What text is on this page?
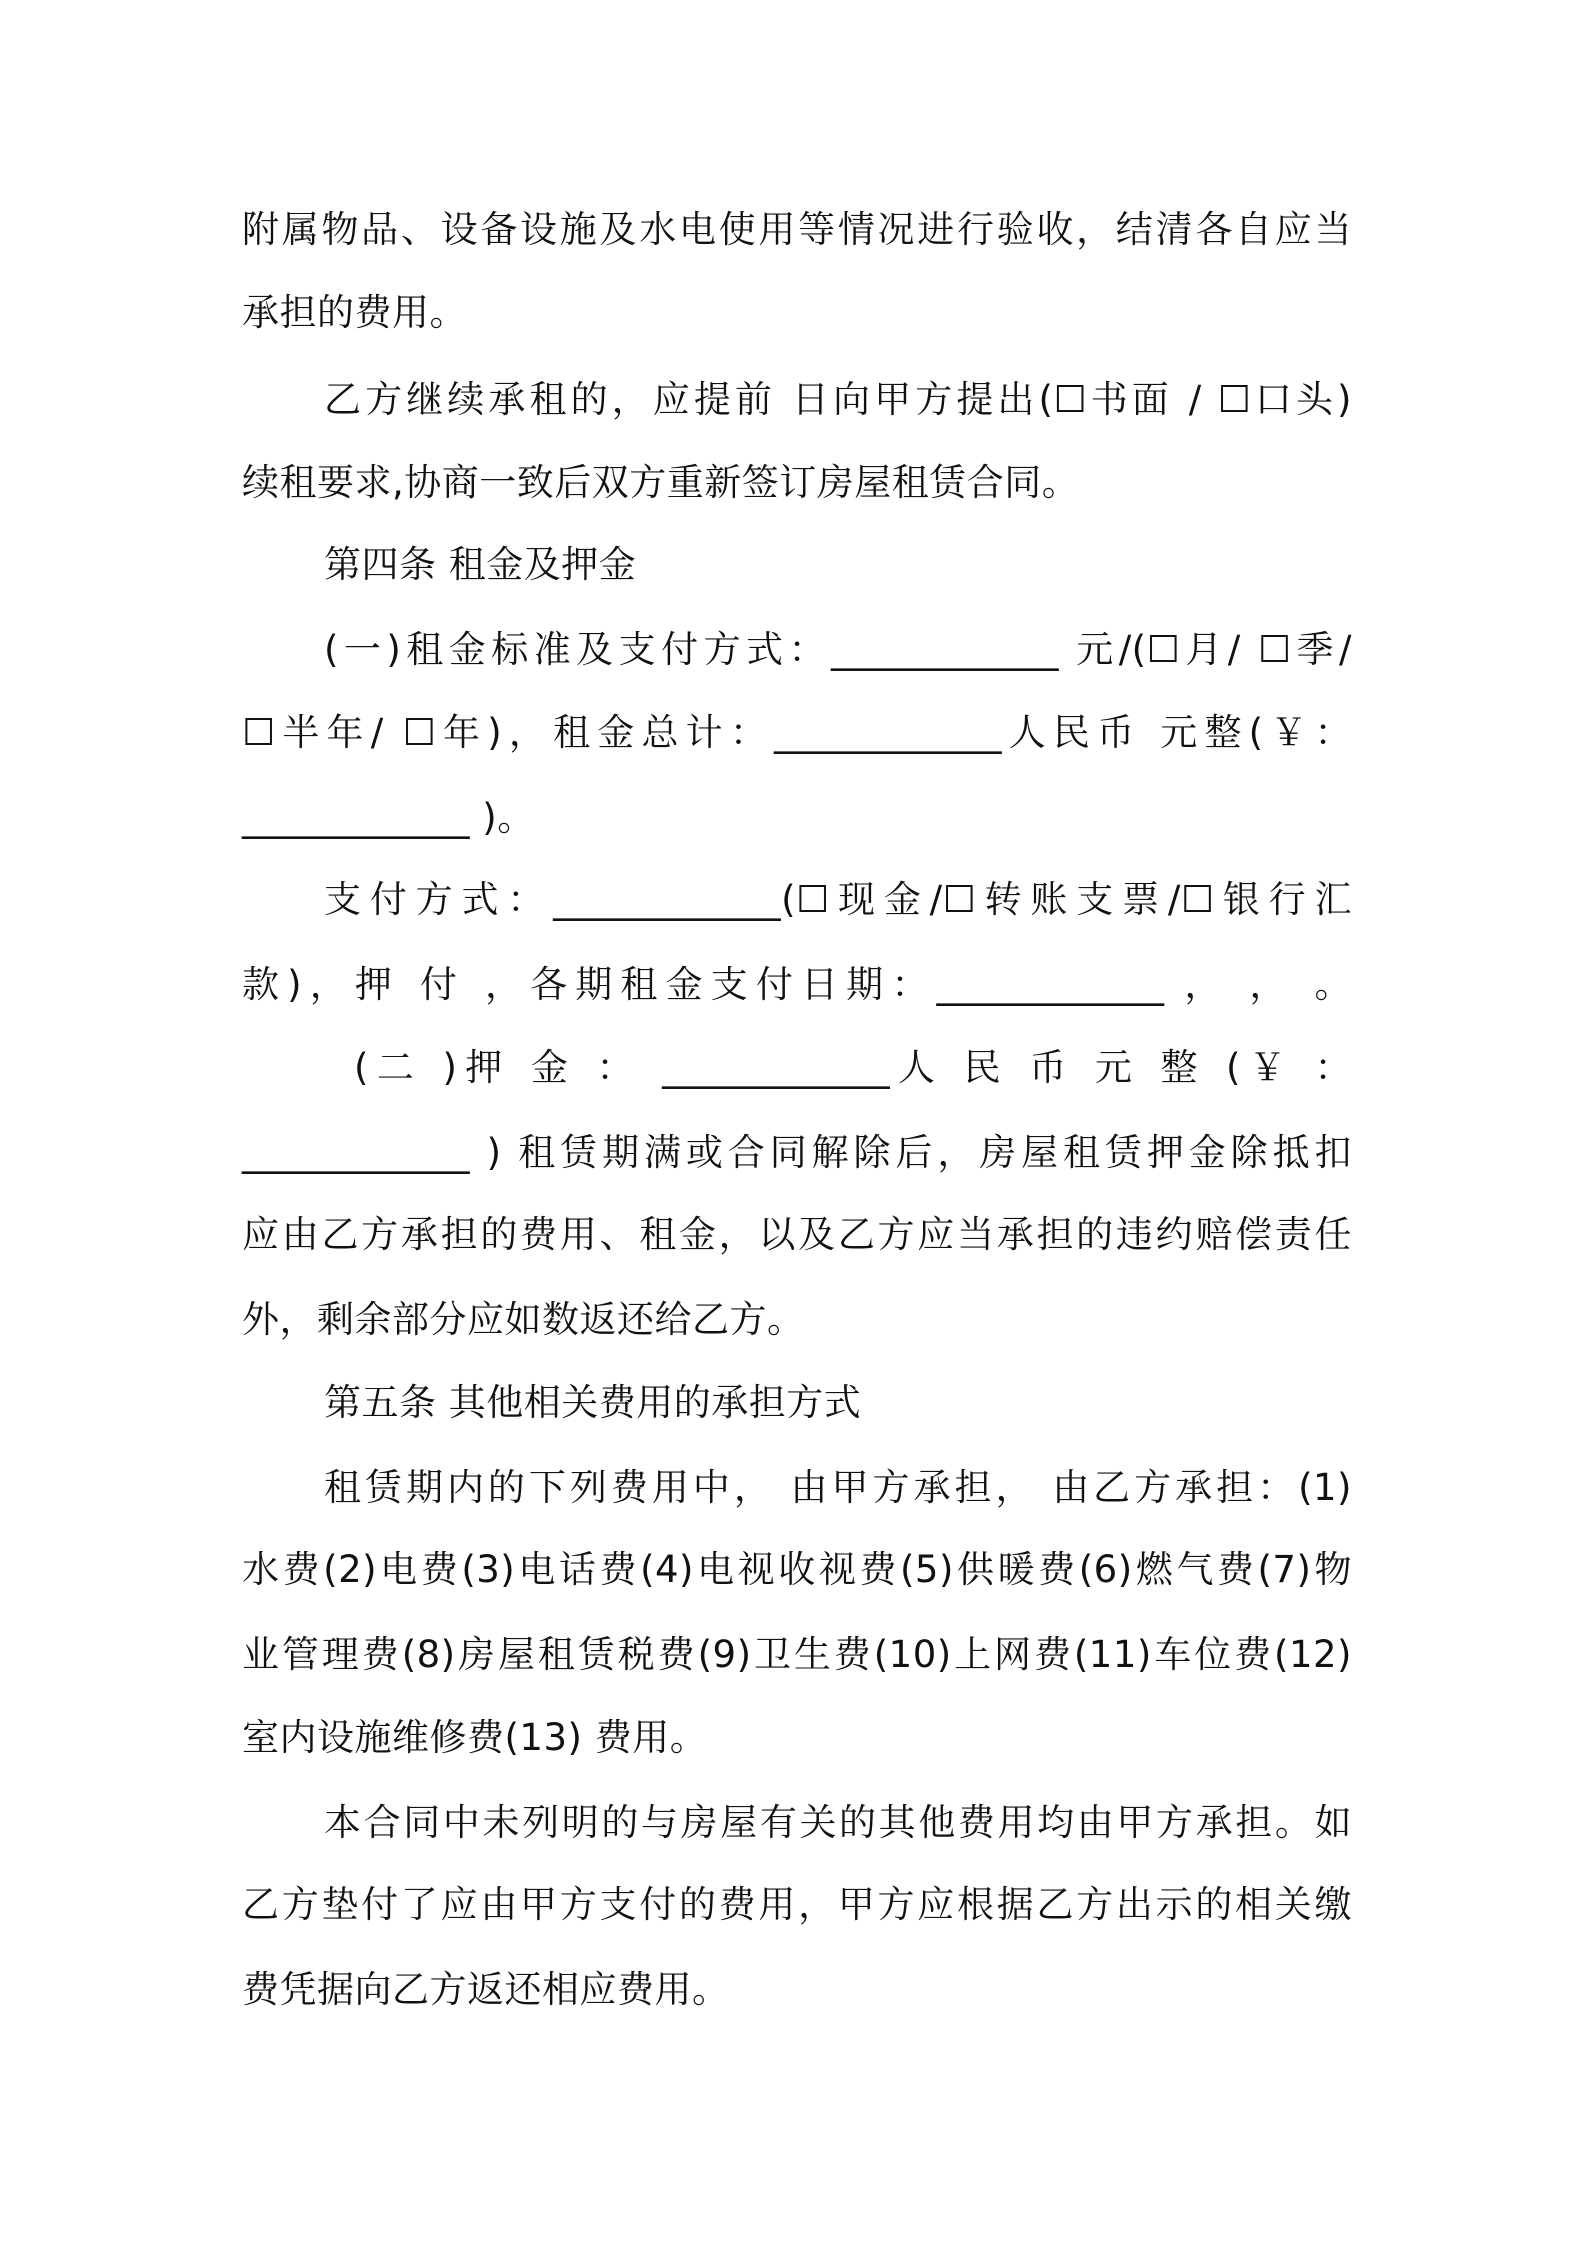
附属物品、设备设施及水电使用等情况进行验收，结清各自应当
承担的费用。
乙方继续承租的，应提前 日向甲方提出(☐书面 / ☐口头)
续租要求,协商一致后双方重新签订房屋租赁合同。
第四条 租金及押金
(一)租金标准及支付方式：____________ 元/(☐月/ ☐季/
☐半年/ ☐年)，租金总计：____________人民币 元整(￥：
____________ )。
支付方式：____________(☐现金/☐转账支票/☐银行汇
款)，押 付 ，各期租金支付日期：____________ ， ， 。
(二 )押 金 ： ____________人 民 币 元 整 (￥ ：
____________ ) 租赁期满或合同解除后，房屋租赁押金除抵扣
应由乙方承担的费用、租金，以及乙方应当承担的违约赔偿责任
外，剩余部分应如数返还给乙方。
第五条 其他相关费用的承担方式
租赁期内的下列费用中， 由甲方承担， 由乙方承担：(1)
水费(2)电费(3)电话费(4)电视收视费(5)供暖费(6)燃气费(7)物
业管理费(8)房屋租赁税费(9)卫生费(10)上网费(11)车位费(12)
室内设施维修费(13) 费用。
本合同中未列明的与房屋有关的其他费用均由甲方承担。如
乙方垫付了应由甲方支付的费用，甲方应根据乙方出示的相关缴
费凭据向乙方返还相应费用。
